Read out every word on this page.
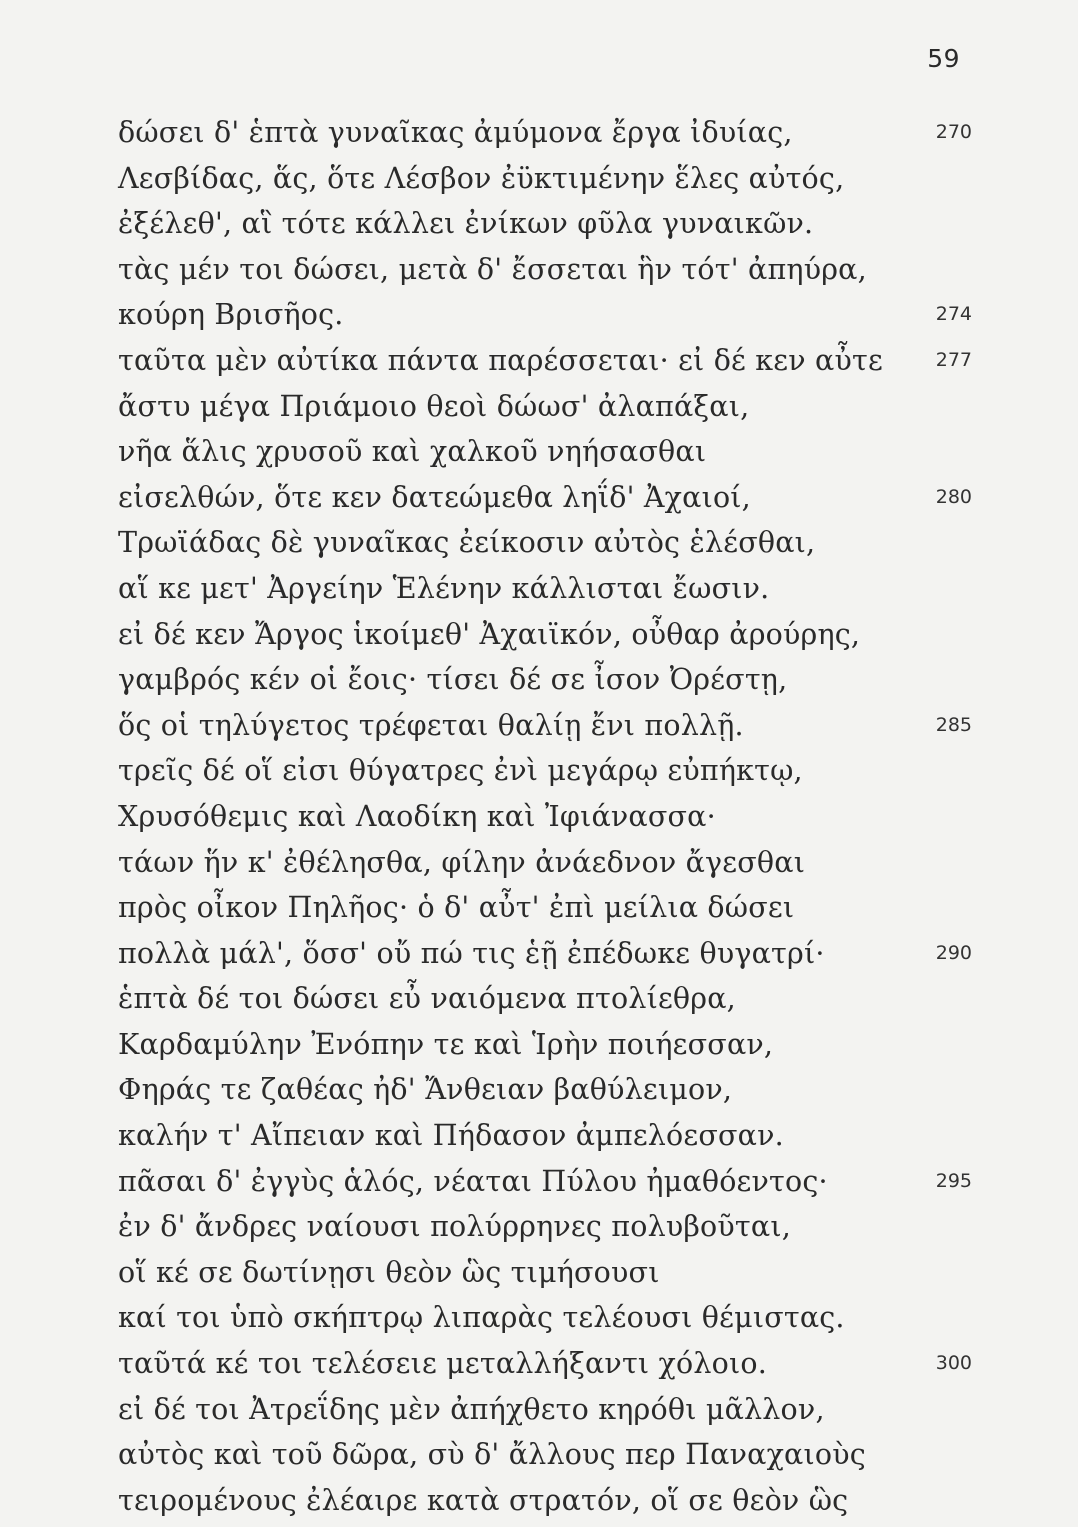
59
δώσει δ' ἑπτὰ γυναῖκας ἀμύμονα ἔργα ἰδυίας,	270
Λεσβίδας, ἅς, ὅτε Λέσβον ἐϋκτιμένην ἕλες αὐτός,
ἐξέλεθ', αἳ τότε κάλλει ἐνίκων φῦλα γυναικῶν.
τὰς μέν τοι δώσει, μετὰ δ' ἔσσεται ἣν τότ' ἀπηύρα,
κούρη Βρισῆος.	274
ταῦτα μὲν αὐτίκα πάντα παρέσσεται· εἰ δέ κεν αὖτε	277
ἄστυ μέγα Πριάμοιο θεοὶ δώωσ' ἀλαπάξαι,
νῆα ἅλις χρυσοῦ καὶ χαλκοῦ νηήσασθαι
εἰσελθών, ὅτε κεν δατεώμεθα ληΐδ' Ἀχαιοί,	280
Τρωϊάδας δὲ γυναῖκας ἐείκοσιν αὐτὸς ἑλέσθαι,
αἵ κε μετ' Ἀργείην Ἑλένην κάλλισται ἔωσιν.
εἰ δέ κεν Ἄργος ἱκοίμεθ' Ἀχαιϊκόν, οὖθαρ ἀρούρης,
γαμβρός κέν οἱ ἔοις· τίσει δέ σε ἶσον Ὀρέστῃ,
ὅς οἱ τηλύγετος τρέφεται θαλίῃ ἔνι πολλῇ.	285
τρεῖς δέ οἵ εἰσι θύγατρες ἐνὶ μεγάρῳ εὐπήκτῳ,
Χρυσόθεμις καὶ Λαοδίκη καὶ Ἰφιάνασσα·
τάων ἥν κ' ἐθέλησθα, φίλην ἀνάεδνον ἄγεσθαι
πρὸς οἶκον Πηλῆος· ὁ δ' αὖτ' ἐπὶ μείλια δώσει
πολλὰ μάλ', ὅσσ' οὔ πώ τις ἑῇ ἐπέδωκε θυγατρί·	290
ἑπτὰ δέ τοι δώσει εὖ ναιόμενα πτολίεθρα,
Καρδαμύλην Ἐνόπην τε καὶ Ἱρὴν ποιήεσσαν,
Φηράς τε ζαθέας ἠδ' Ἄνθειαν βαθύλειμον,
καλήν τ' Αἴπειαν καὶ Πήδασον ἀμπελόεσσαν.
πᾶσαι δ' ἐγγὺς ἁλός, νέαται Πύλου ἠμαθόεντος·	295
ἐν δ' ἄνδρες ναίουσι πολύρρηνες πολυβοῦται,
οἵ κέ σε δωτίνῃσι θεὸν ὣς τιμήσουσι
καί τοι ὑπὸ σκήπτρῳ λιπαρὰς τελέουσι θέμιστας.
ταῦτά κέ τοι τελέσειε μεταλλήξαντι χόλοιο.	300
εἰ δέ τοι Ἀτρεΐδης μὲν ἀπήχθετο κηρόθι μᾶλλον,
αὐτὸς καὶ τοῦ δῶρα, σὺ δ' ἄλλους περ Παναχαιοὺς
τειρομένους ἐλέαιρε κατὰ στρατόν, οἵ σε θεὸν ὣς
